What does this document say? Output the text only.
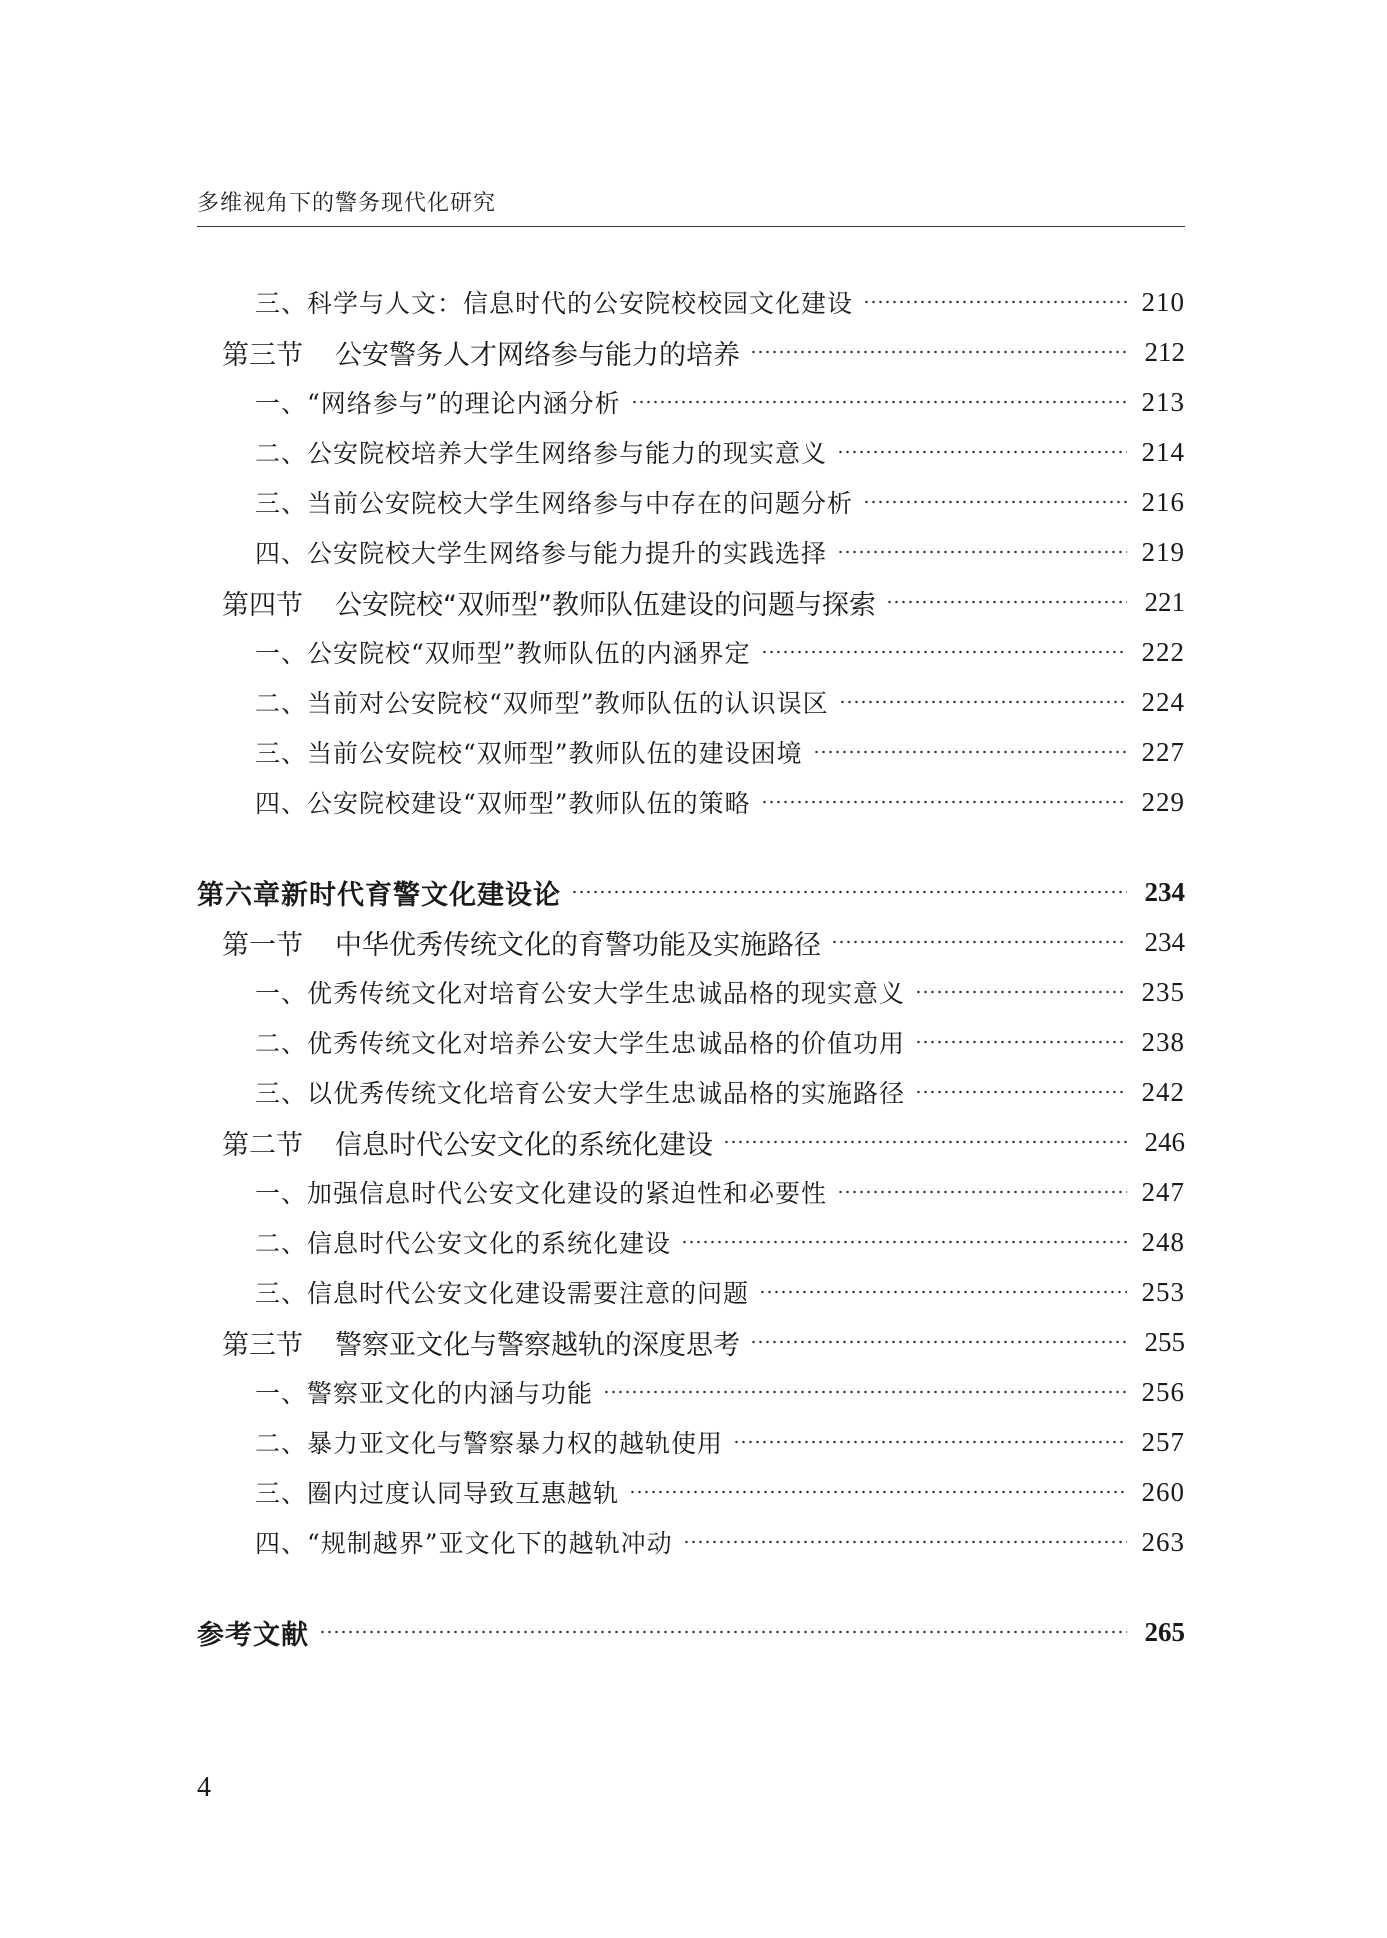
多维视角下的警务现代化研究
三、科学与人文：信息时代的公安院校校园文化建设	210
第三节 公安警务人才网络参与能力的培养	212
一、“网络参与”的理论内涵分析	213
二、公安院校培养大学生网络参与能力的现实意义	214
三、当前公安院校大学生网络参与中存在的问题分析	216
四、公安院校大学生网络参与能力提升的实践选择	219
第四节 公安院校“双师型”教师队伍建设的问题与探索	221
一、公安院校“双师型”教师队伍的内涵界定	222
二、当前对公安院校“双师型”教师队伍的认识误区	224
三、当前公安院校“双师型”教师队伍的建设困境	227
四、公安院校建设“双师型”教师队伍的策略	229
第六章新时代育警文化建设论	234
第一节 中华优秀传统文化的育警功能及实施路径	234
一、优秀传统文化对培育公安大学生忠诚品格的现实意义	235
二、优秀传统文化对培养公安大学生忠诚品格的价值功用	238
三、以优秀传统文化培育公安大学生忠诚品格的实施路径	242
第二节 信息时代公安文化的系统化建设	246
一、加强信息时代公安文化建设的紧迫性和必要性	247
二、信息时代公安文化的系统化建设	248
三、信息时代公安文化建设需要注意的问题	253
第三节 警察亚文化与警察越轨的深度思考	255
一、警察亚文化的内涵与功能	256
二、暴力亚文化与警察暴力权的越轨使用	257
三、圈内过度认同导致互惠越轨	260
四、“规制越界”亚文化下的越轨冲动	263
参考文献	265
4
